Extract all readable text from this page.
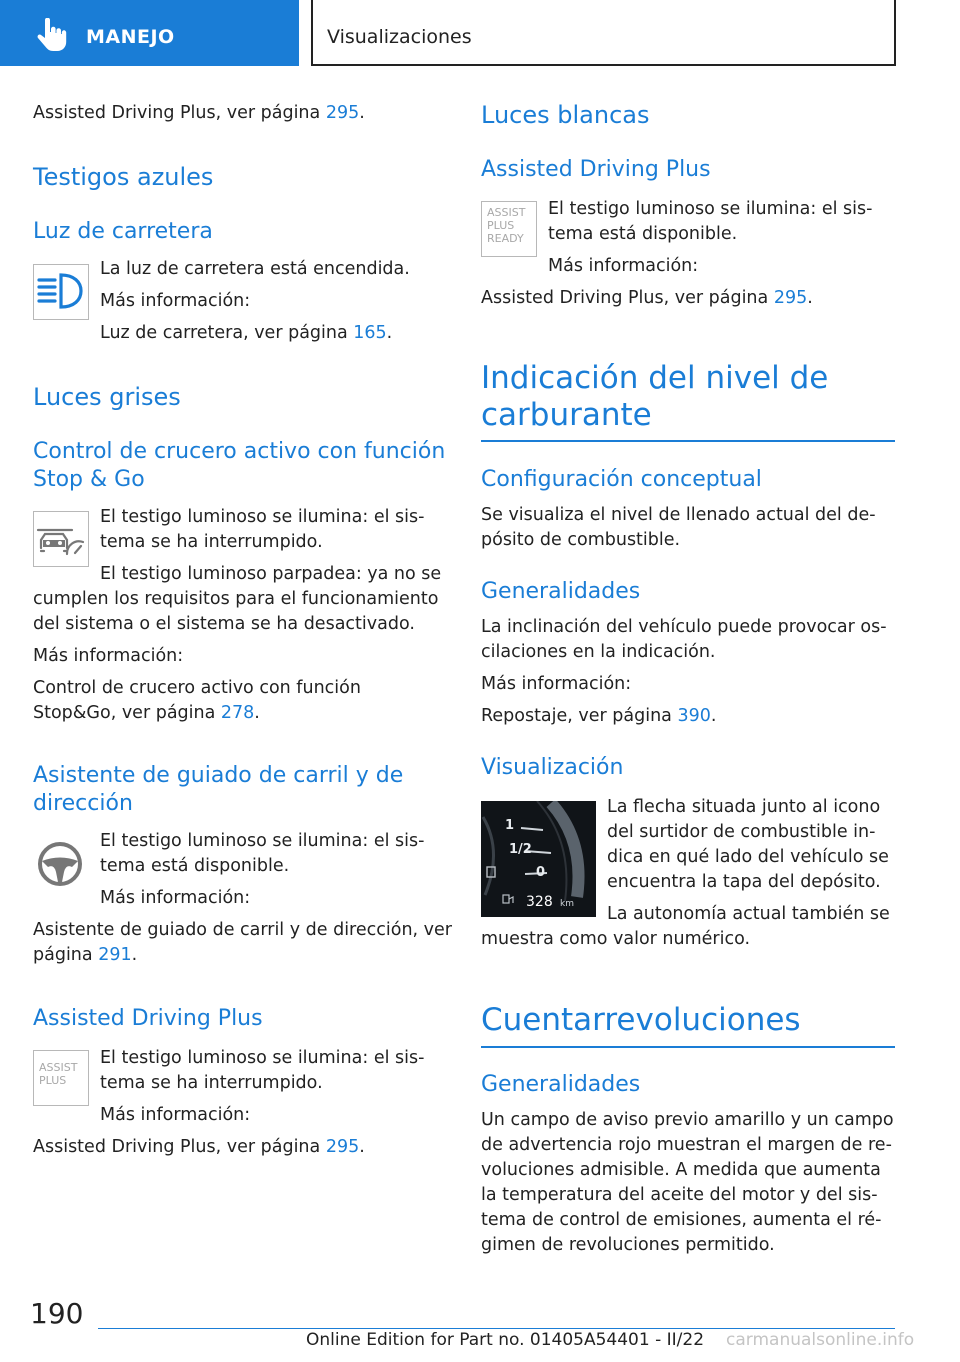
MANEJO	Visualizaciones
Assisted Driving Plus, ver página 295.
Testigos azules
Luz de carretera
La luz de carretera está encendida.
Más información:
Luz de carretera, ver página 165.
Luces grises
Control de crucero activo con función
Stop & Go
El testigo luminoso se ilumina: el sis-
tema se ha interrumpido.
El testigo luminoso parpadea: ya no se
cumplen los requisitos para el funcionamiento
del sistema o el sistema se ha desactivado.
Más información:
Control de crucero activo con función
Stop&Go, ver página 278.
Asistente de guiado de carril y de
dirección
El testigo luminoso se ilumina: el sis-
tema está disponible.
Más información:
Asistente de guiado de carril y de dirección, ver
página 291.
Assisted Driving Plus
ASSIST
PLUS
El testigo luminoso se ilumina: el sis-
tema se ha interrumpido.
Más información:
Assisted Driving Plus, ver página 295.
Luces blancas
Assisted Driving Plus
ASSIST
PLUS
READY
El testigo luminoso se ilumina: el sis-
tema está disponible.
Más información:
Assisted Driving Plus, ver página 295.
Indicación del nivel de
carburante
Configuración conceptual
Se visualiza el nivel de llenado actual del de-
pósito de combustible.
Generalidades
La inclinación del vehículo puede provocar os-
cilaciones en la indicación.
Más información:
Repostaje, ver página 390.
Visualización
1
1/2
0
328 km
La flecha situada junto al icono
del surtidor de combustible in-
dica en qué lado del vehículo se
encuentra la tapa del depósito.
La autonomía actual también se
muestra como valor numérico.
Cuentarrevoluciones
Generalidades
Un campo de aviso previo amarillo y un campo
de advertencia rojo muestran el margen de re-
voluciones admisible. A medida que aumenta
la temperatura del aceite del motor y del sis-
tema de control de emisiones, aumenta el ré-
gimen de revoluciones permitido.
190
Online Edition for Part no. 01405A54401 - II/22 carmanualsonline.info
